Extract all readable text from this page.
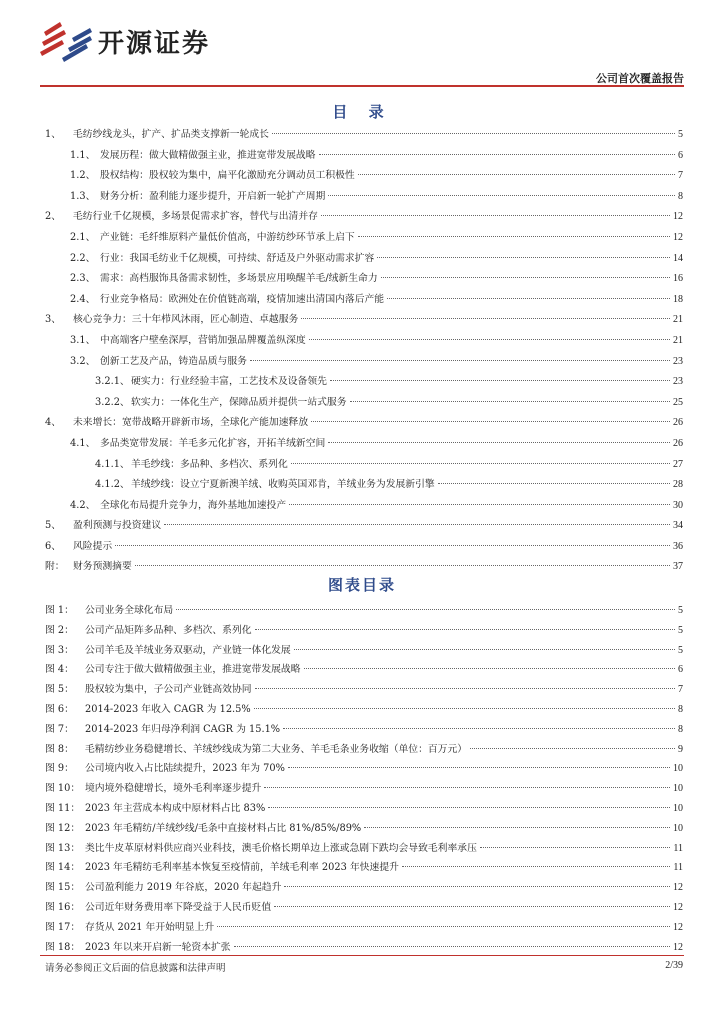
开源证券
公司首次覆盖报告
目 录
1、	毛纺纱线龙头，扩产、扩品类支撑新一轮成长	5
1.1、 发展历程：做大做精做强主业，推进宽带发展战略	6
1.2、 股权结构：股权较为集中，扁平化激励充分调动员工积极性	7
1.3、 财务分析：盈利能力逐步提升，开启新一轮扩产周期	8
2、	毛纺行业千亿规模，多场景促需求扩容，替代与出清并存	12
2.1、 产业链：毛纤维原料产量低价值高，中游纺纱环节承上启下	12
2.2、 行业：我国毛纺业千亿规模，可持续、舒适及户外驱动需求扩容	14
2.3、 需求：高档服饰具备需求韧性，多场景应用唤醒羊毛/绒新生命力	16
2.4、 行业竞争格局：欧洲处在价值链高端，疫情加速出清国内落后产能	18
3、	核心竞争力：三十年栉风沐雨，匠心制造、卓越服务	21
3.1、 中高端客户壁垒深厚，营销加强品牌覆盖纵深度	21
3.2、 创新工艺及产品，铸造品质与服务	23
3.2.1、 硬实力：行业经验丰富，工艺技术及设备领先	23
3.2.2、 软实力：一体化生产，保障品质并提供一站式服务	25
4、	未来增长：宽带战略开辟新市场，全球化产能加速释放	26
4.1、 多品类宽带发展：羊毛多元化扩容，开拓羊绒新空间	26
4.1.1、 羊毛纱线：多品种、多档次、系列化	27
4.1.2、 羊绒纱线：设立宁夏新澳羊绒、收购英国邓肯，羊绒业务为发展新引擎	28
4.2、 全球化布局提升竞争力，海外基地加速投产	30
5、	盈利预测与投资建议	34
6、	风险提示	36
附： 财务预测摘要	37
图表目录
图 1： 公司业务全球化布局	5
图 2： 公司产品矩阵多品种、多档次、系列化	5
图 3： 公司羊毛及羊绒业务双驱动，产业链一体化发展	5
图 4： 公司专注于做大做精做强主业，推进宽带发展战略	6
图 5： 股权较为集中，子公司产业链高效协同	7
图 6： 2014-2023 年收入 CAGR 为 12.5%	8
图 7： 2014-2023 年归母净利润 CAGR 为 15.1%	8
图 8： 毛精纺纱业务稳健增长、羊绒纱线成为第二大业务、羊毛毛条业务收缩（单位：百万元）	9
图 9： 公司境内收入占比陆续提升，2023 年为 70%	10
图 10： 境内境外稳健增长，境外毛利率逐步提升	10
图 11： 2023 年主营成本构成中原材料占比 83%	10
图 12： 2023 年毛精纺/羊绒纱线/毛条中直接材料占比 81%/85%/89%	10
图 13： 类比牛皮革原材料供应商兴业科技，澳毛价格长期单边上涨或急剧下跌均会导致毛利率承压	11
图 14： 2023 年毛精纺毛利率基本恢复至疫情前，羊绒毛利率 2023 年快速提升	11
图 15： 公司盈利能力 2019 年谷底，2020 年起趋升	12
图 16： 公司近年财务费用率下降受益于人民币贬值	12
图 17： 存货从 2021 年开始明显上升	12
图 18： 2023 年以来开启新一轮资本扩张	12
请务必参阅正文后面的信息披露和法律声明	2/39
